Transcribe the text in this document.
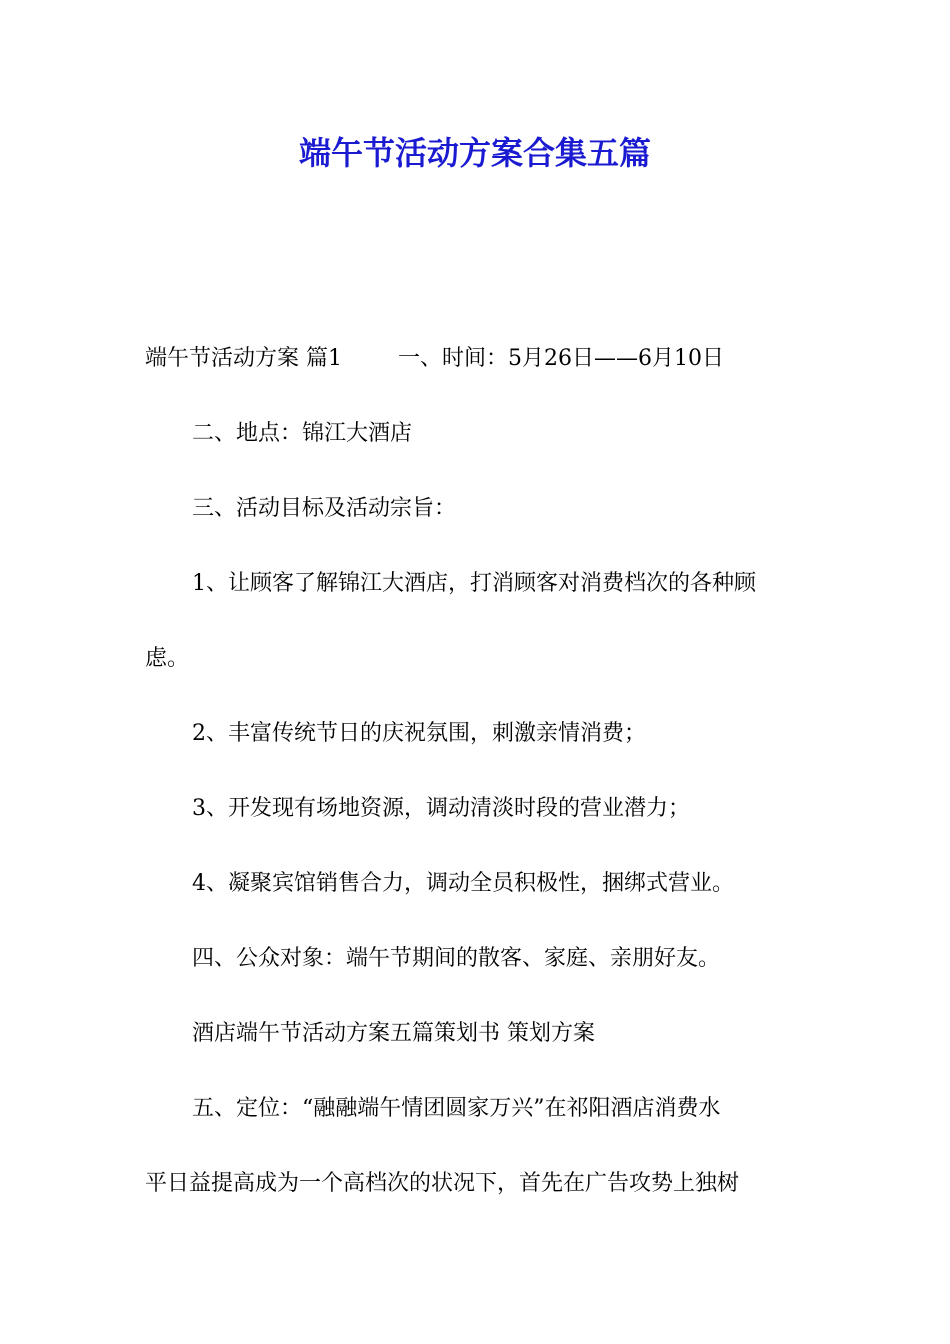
端午节活动方案合集五篇

端午节活动方案 篇1	一、时间：5月26日——6月10日

二、地点：锦江大酒店

三、活动目标及活动宗旨：

1、让顾客了解锦江大酒店，打消顾客对消费档次的各种顾

虑。

2、丰富传统节日的庆祝氛围，刺激亲情消费；

3、开发现有场地资源，调动清淡时段的营业潜力；

4、凝聚宾馆销售合力，调动全员积极性，捆绑式营业。

四、公众对象：端午节期间的散客、家庭、亲朋好友。

酒店端午节活动方案五篇策划书 策划方案

五、定位：“融融端午情团圆家万兴”在祁阳酒店消费水

平日益提高成为一个高档次的状况下，首先在广告攻势上独树
